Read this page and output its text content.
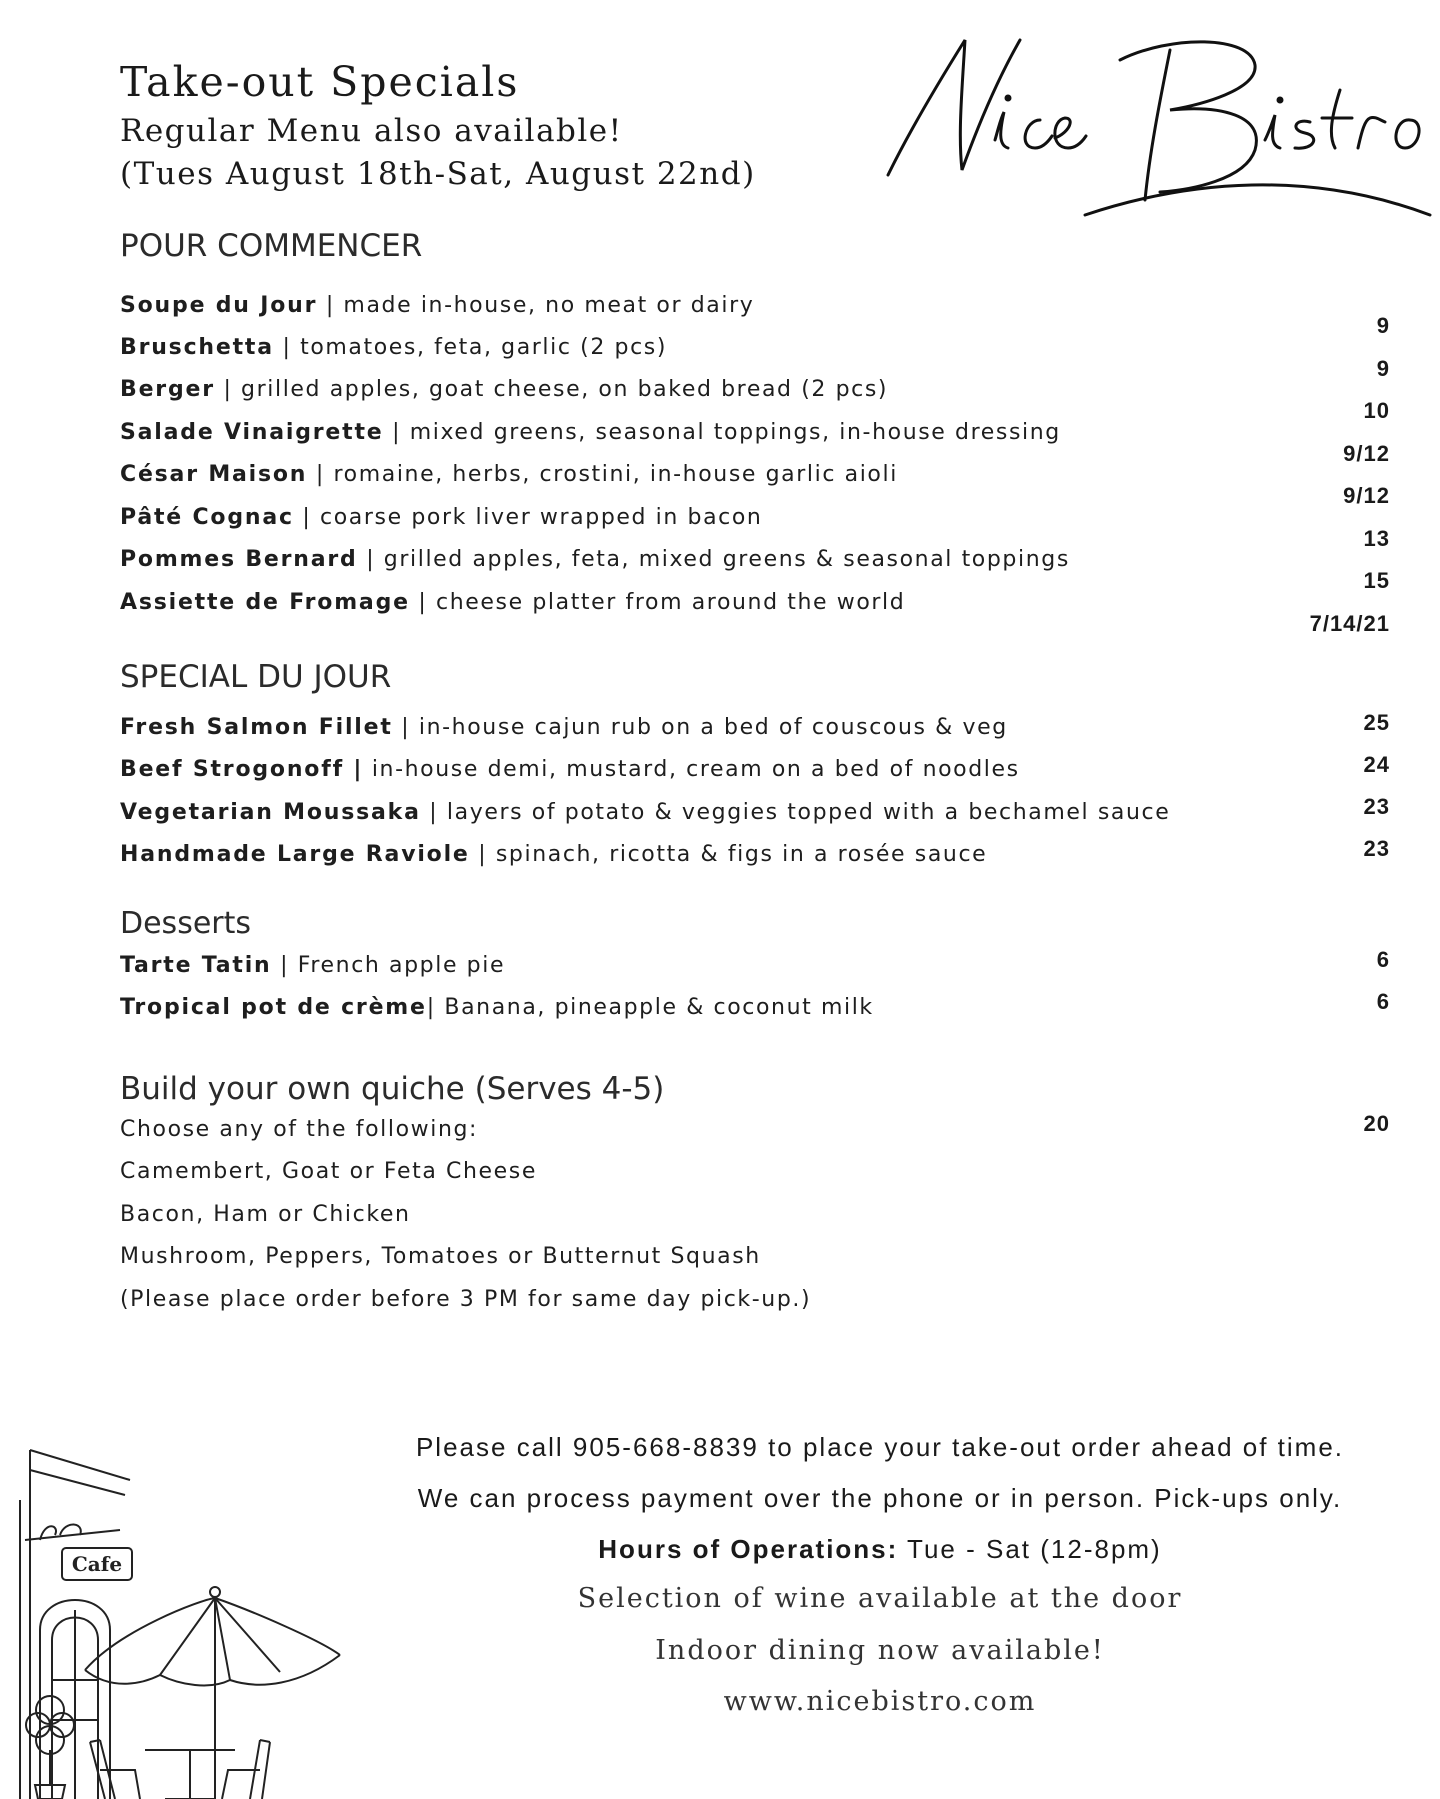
Take-out Specials
Regular Menu also available!
(Tues August 18th-Sat, August 22nd)
POUR COMMENCER
Soupe du Jour | made in-house, no meat or dairy
Bruschetta | tomatoes, feta, garlic (2 pcs)
Berger | grilled apples, goat cheese, on baked bread (2 pcs)
Salade Vinaigrette | mixed greens, seasonal toppings, in-house dressing
César Maison | romaine, herbs, crostini, in-house garlic aioli
Pâté Cognac | coarse pork liver wrapped in bacon
Pommes Bernard | grilled apples, feta, mixed greens & seasonal toppings
Assiette de Fromage | cheese platter from around the world
9
9
10
9/12
9/12
13
15
7/14/21
SPECIAL DU JOUR
Fresh Salmon Fillet | in-house cajun rub on a bed of couscous & veg
Beef Strogonoff | in-house demi, mustard, cream on a bed of noodles
Vegetarian Moussaka | layers of potato & veggies topped with a bechamel sauce
Handmade Large Raviole | spinach, ricotta & figs in a rosée sauce
25
24
23
23
Desserts
Tarte Tatin | French apple pie
Tropical pot de crème| Banana, pineapple & coconut milk
6
6
Build your own quiche (Serves 4-5)
20
Choose any of the following:
Camembert, Goat or Feta Cheese
Bacon, Ham or Chicken
Mushroom, Peppers, Tomatoes or Butternut Squash
(Please place order before 3 PM for same day pick-up.)
Please call 905-668-8839 to place your take-out order ahead of time.
We can process payment over the phone or in person. Pick-ups only.
Hours of Operations: Tue - Sat (12-8pm)
Selection of wine available at the door
Indoor dining now available!
www.nicebistro.com
Cafe
